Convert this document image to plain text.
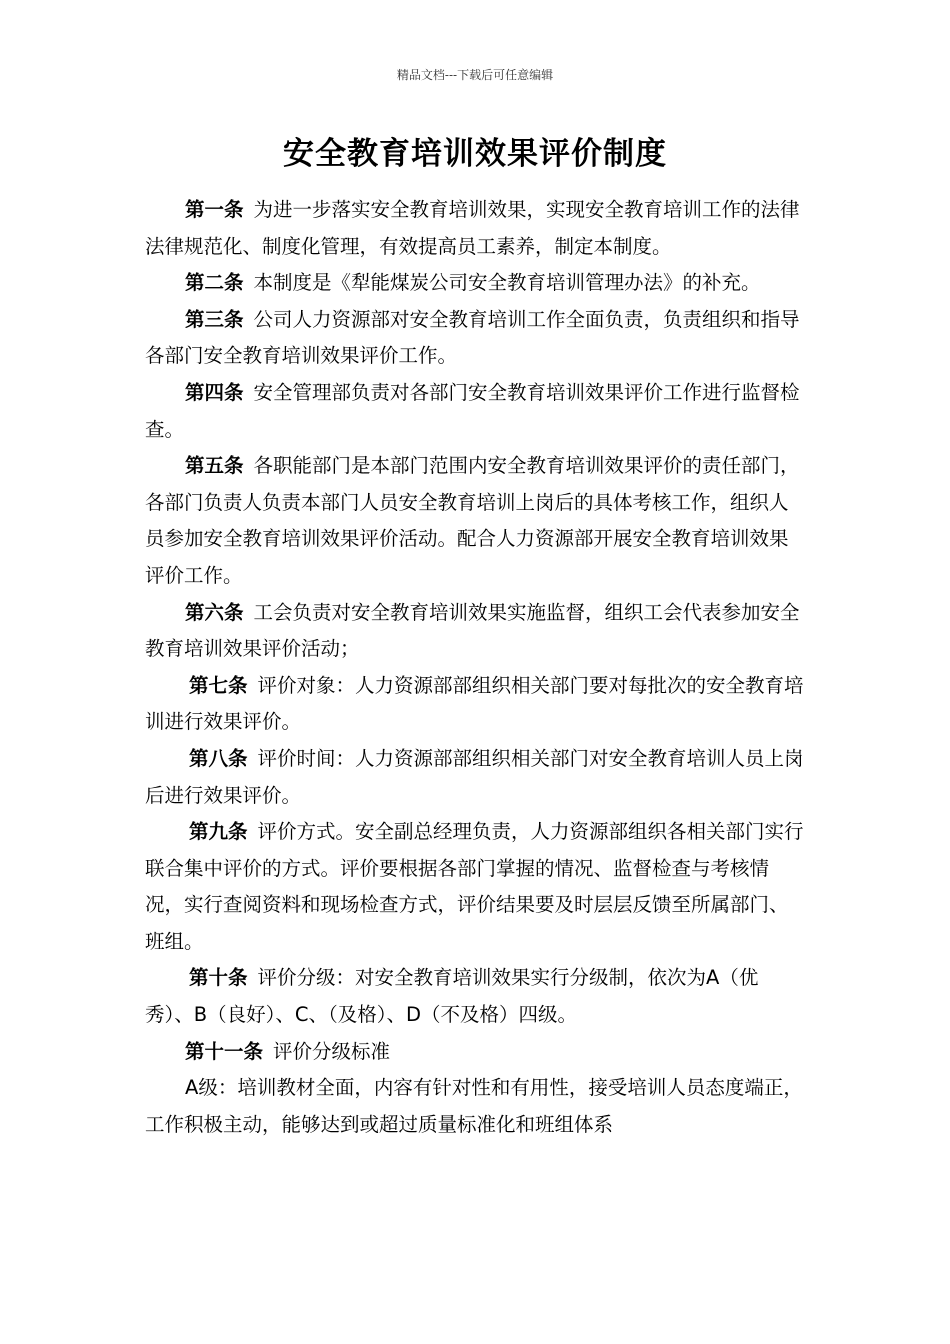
精品文档---下载后可任意编辑
安全教育培训效果评价制度

第一条 为进一步落实安全教育培训效果，实现安全教育培训工作的法律法律规范化、制度化管理，有效提高员工素养，制定本制度。

第二条 本制度是《犁能煤炭公司安全教育培训管理办法》的补充。

第三条 公司人力资源部对安全教育培训工作全面负责，负责组织和指导各部门安全教育培训效果评价工作。

第四条 安全管理部负责对各部门安全教育培训效果评价工作进行监督检查。

第五条 各职能部门是本部门范围内安全教育培训效果评价的责任部门，各部门负责人负责本部门人员安全教育培训上岗后的具体考核工作，组织人员参加安全教育培训效果评价活动。配合人力资源部开展安全教育培训效果评价工作。

第六条 工会负责对安全教育培训效果实施监督，组织工会代表参加安全教育培训效果评价活动；

第七条 评价对象：人力资源部部组织相关部门要对每批次的安全教育培训进行效果评价。

第八条 评价时间：人力资源部部组织相关部门对安全教育培训人员上岗后进行效果评价。

第九条 评价方式。安全副总经理负责，人力资源部组织各相关部门实行联合集中评价的方式。评价要根据各部门掌握的情况、监督检查与考核情况，实行查阅资料和现场检查方式，评价结果要及时层层反馈至所属部门、班组。

第十条 评价分级：对安全教育培训效果实行分级制，依次为A（优秀）、B（良好）、C、（及格）、D（不及格）四级。

第十一条 评价分级标准

A级：培训教材全面，内容有针对性和有用性，接受培训人员态度端正，工作积极主动，能够达到或超过质量标准化和班组体系
